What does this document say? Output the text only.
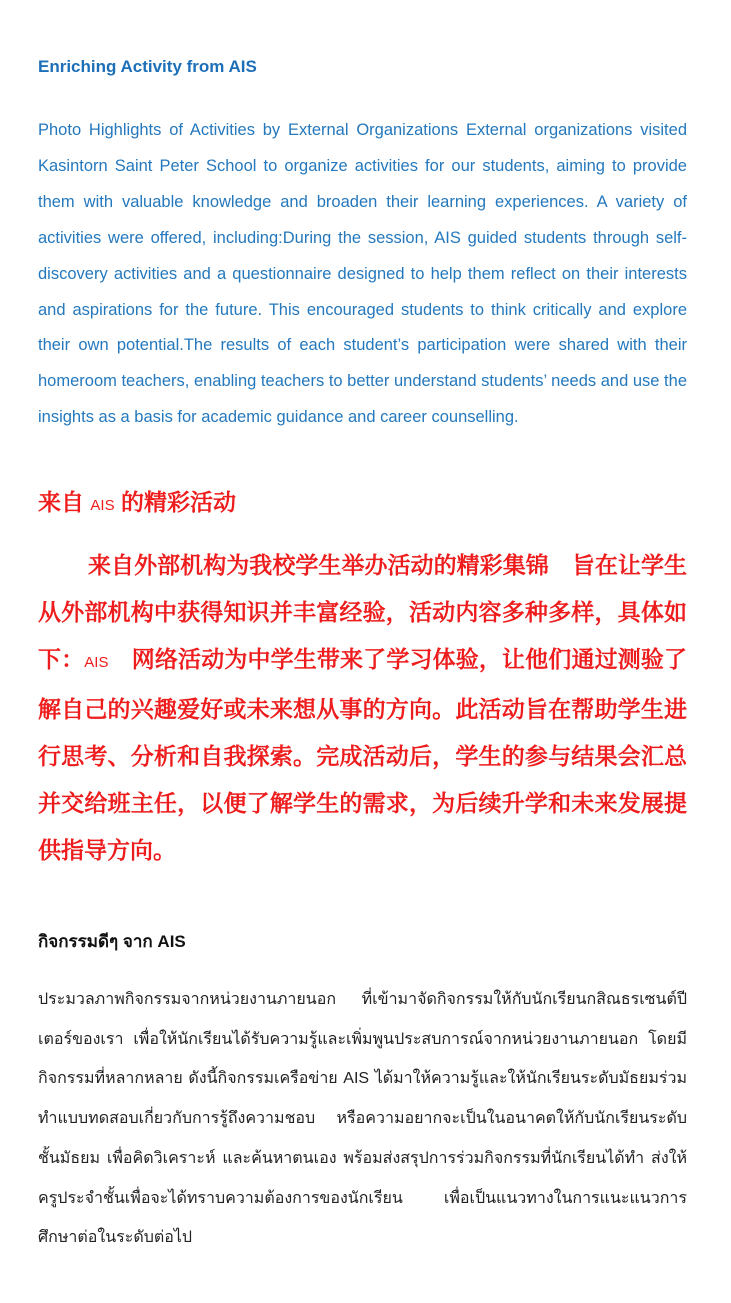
Enriching Activity from AIS

Photo Highlights of Activities by External Organizations External organizations visited Kasintorn Saint Peter School to organize activities for our students, aiming to provide them with valuable knowledge and broaden their learning experiences. A variety of activities were offered, including:During the session, AIS guided students through self-discovery activities and a questionnaire designed to help them reflect on their interests and aspirations for the future. This encouraged students to think critically and explore their own potential.The results of each student’s participation were shared with their homeroom teachers, enabling teachers to better understand students’ needs and use the insights as a basis for academic guidance and career counselling.

来自 AIS 的精彩活动

来自外部机构为我校学生举办活动的精彩集锦　旨在让学生从外部机构中获得知识并丰富经验，活动内容多种多样，具体如下：AIS　网络活动为中学生带来了学习体验，让他们通过测验了解自己的兴趣爱好或未来想从事的方向。此活动旨在帮助学生进行思考、分析和自我探索。完成活动后，学生的参与结果会汇总并交给班主任，以便了解学生的需求，为后续升学和未来发展提供指导方向。

กิจกรรมดีๆ จาก AIS

ประมวลภาพกิจกรรมจากหน่วยงานภายนอก ที่เข้ามาจัดกิจกรรมให้กับนักเรียนกสิณธรเซนต์ปีเตอร์ของเรา เพื่อให้นักเรียนได้รับความรู้และเพิ่มพูนประสบการณ์จากหน่วยงานภายนอก โดยมีกิจกรรมที่หลากหลาย ดังนี้กิจกรรมเครือข่าย AIS ได้มาให้ความรู้และให้นักเรียนระดับมัธยมร่วมทำแบบทดสอบเกี่ยวกับการรู้ถึงความชอบ หรือความอยากจะเป็นในอนาคตให้กับนักเรียนระดับชั้นมัธยม เพื่อคิดวิเคราะห์ และค้นหาตนเอง พร้อมส่งสรุปการร่วมกิจกรรมที่นักเรียนได้ทำ ส่งให้ครูประจำชั้นเพื่อจะได้ทราบความต้องการของนักเรียน เพื่อเป็นแนวทางในการแนะแนวการศึกษาต่อในระดับต่อไป
